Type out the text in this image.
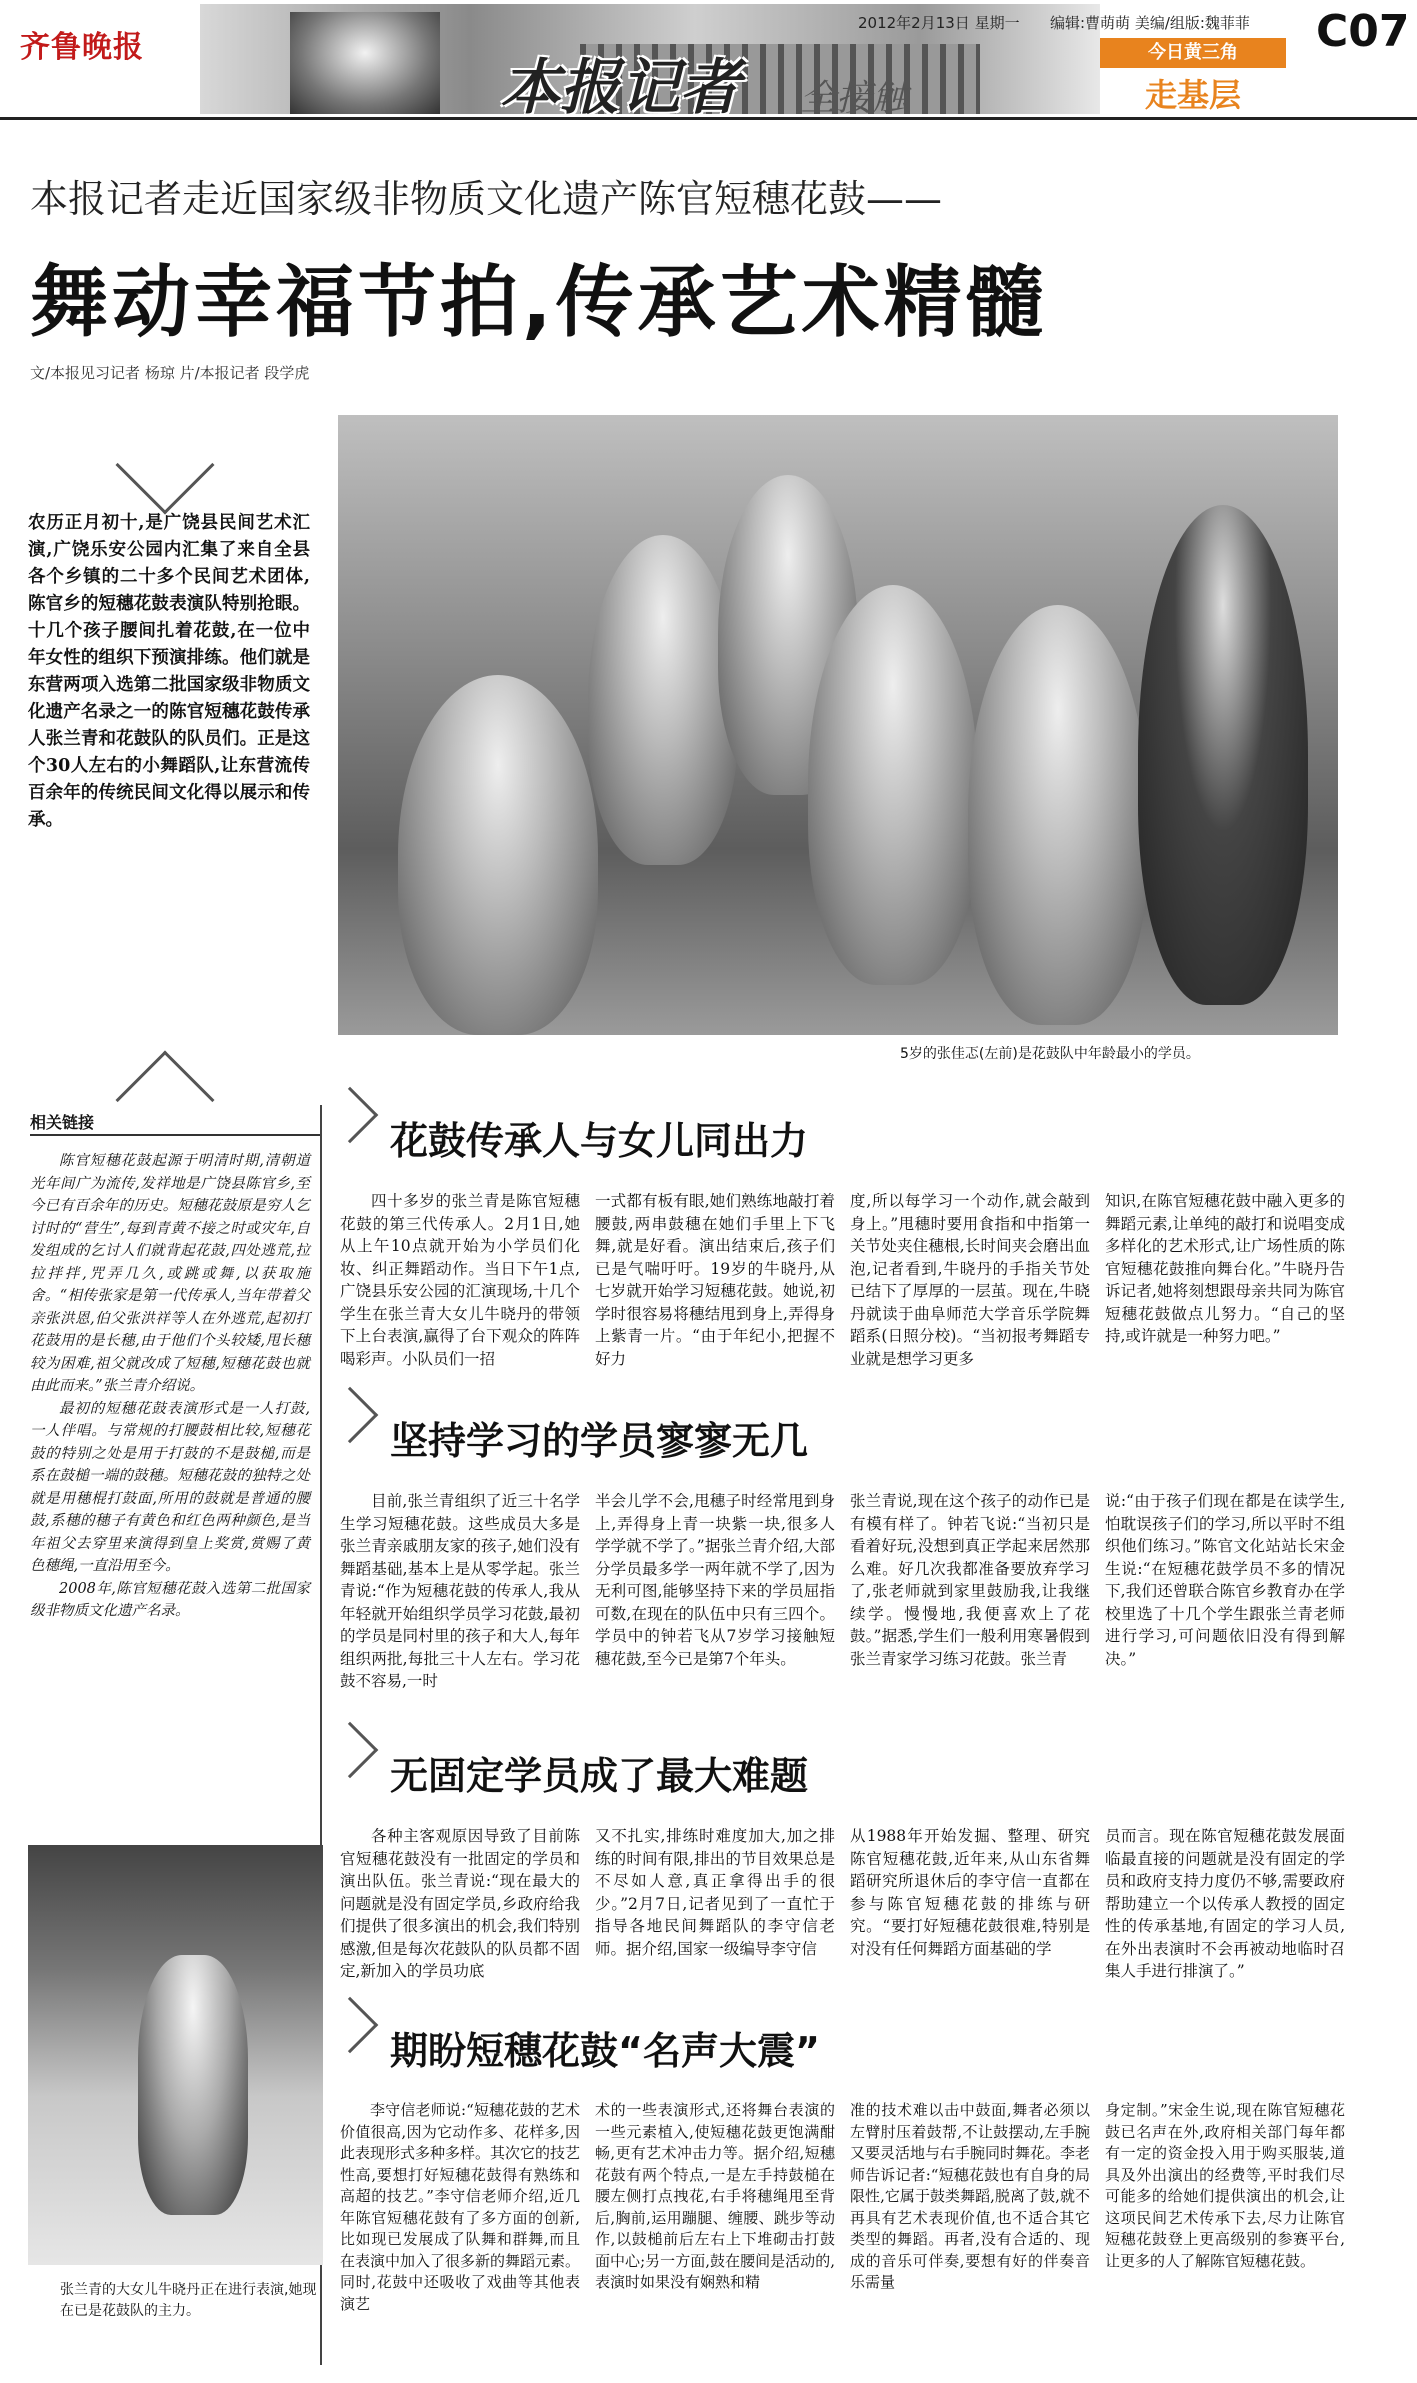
齐鲁晚报
本报记者 全接触
2012年2月13日 星期一 编辑:曹萌萌 美编/组版:魏菲菲 C07
今日黄三角
走基层
本报记者走近国家级非物质文化遗产陈官短穗花鼓——
舞动幸福节拍,传承艺术精髓
文/本报见习记者 杨琼 片/本报记者 段学虎
5岁的张佳忑(左前)是花鼓队中年龄最小的学员。
农历正月初十,是广饶县民间艺术汇演,广饶乐安公园内汇集了来自全县各个乡镇的二十多个民间艺术团体,陈官乡的短穗花鼓表演队特别抢眼。十几个孩子腰间扎着花鼓,在一位中年女性的组织下预演排练。他们就是东营两项入选第二批国家级非物质文化遗产名录之一的陈官短穗花鼓传承人张兰青和花鼓队的队员们。正是这个30人左右的小舞蹈队,让东营流传百余年的传统民间文化得以展示和传承。
相关链接

陈官短穗花鼓起源于明清时期,清朝道光年间广为流传,发祥地是广饶县陈官乡,至今已有百余年的历史。短穗花鼓原是穷人乞讨时的“营生”,每到青黄不接之时或灾年,自发组成的乞讨人们就背起花鼓,四处逃荒,拉拉拌拌,咒弄几久,或跳或舞,以获取施舍。“相传张家是第一代传承人,当年带着父亲张洪恩,伯父张洪祥等人在外逃荒,起初打花鼓用的是长穗,由于他们个头较矮,甩长穗较为困难,祖父就改成了短穗,短穗花鼓也就由此而来。”张兰青介绍说。

最初的短穗花鼓表演形式是一人打鼓,一人伴唱。与常规的打腰鼓相比较,短穗花鼓的特别之处是用于打鼓的不是鼓槌,而是系在鼓槌一端的鼓穗。短穗花鼓的独特之处就是用穗棍打鼓面,所用的鼓就是普通的腰鼓,系穗的穗子有黄色和红色两种颜色,是当年祖父去穿里来演得到皇上奖赏,赏赐了黄色穗绳,一直沿用至今。

2008年,陈官短穗花鼓入选第二批国家级非物质文化遗产名录。

张兰青的大女儿牛晓丹正在进行表演,她现在已是花鼓队的主力。
花鼓传承人与女儿同出力
四十多岁的张兰青是陈官短穗花鼓的第三代传承人。2月1日,她从上午10点就开始为小学员们化妆、纠正舞蹈动作。当日下午1点,广饶县乐安公园的汇演现场,十几个学生在张兰青大女儿牛晓丹的带领下上台表演,赢得了台下观众的阵阵喝彩声。小队员们一招
一式都有板有眼,她们熟练地敲打着腰鼓,两串鼓穗在她们手里上下飞舞,就是好看。演出结束后,孩子们已是气喘吁吁。19岁的牛晓丹,从七岁就开始学习短穗花鼓。她说,初学时很容易将穗结甩到身上,弄得身上紫青一片。“由于年纪小,把握不好力
度,所以每学习一个动作,就会敲到身上。”甩穗时要用食指和中指第一关节处夹住穗根,长时间夹会磨出血泡,记者看到,牛晓丹的手指关节处已结下了厚厚的一层茧。现在,牛晓丹就读于曲阜师范大学音乐学院舞蹈系(日照分校)。“当初报考舞蹈专业就是想学习更多
知识,在陈官短穗花鼓中融入更多的舞蹈元素,让单纯的敲打和说唱变成多样化的艺术形式,让广场性质的陈官短穗花鼓推向舞台化。”牛晓丹告诉记者,她将刻想跟母亲共同为陈官短穗花鼓做点儿努力。“自己的坚持,或许就是一种努力吧。”
坚持学习的学员寥寥无几
目前,张兰青组织了近三十名学生学习短穗花鼓。这些成员大多是张兰青亲戚朋友家的孩子,她们没有舞蹈基础,基本上是从零学起。张兰青说:“作为短穗花鼓的传承人,我从年轻就开始组织学员学习花鼓,最初的学员是同村里的孩子和大人,每年组织两批,每批三十人左右。学习花鼓不容易,一时
半会儿学不会,甩穗子时经常甩到身上,弄得身上青一块紫一块,很多人学学就不学了。”据张兰青介绍,大部分学员最多学一两年就不学了,因为无利可图,能够坚持下来的学员屈指可数,在现在的队伍中只有三四个。学员中的钟若飞从7岁学习接触短穗花鼓,至今已是第7个年头。
张兰青说,现在这个孩子的动作已是有模有样了。钟若飞说:“当初只是看着好玩,没想到真正学起来居然那么难。好几次我都准备要放弃学习了,张老师就到家里鼓励我,让我继续学。慢慢地,我便喜欢上了花鼓。”据悉,学生们一般利用寒暑假到张兰青家学习练习花鼓。张兰青
说:“由于孩子们现在都是在读学生,怕耽误孩子们的学习,所以平时不组织他们练习。”陈官文化站站长宋金生说:“在短穗花鼓学员不多的情况下,我们还曾联合陈官乡教育办在学校里选了十几个学生跟张兰青老师进行学习,可问题依旧没有得到解决。”
无固定学员成了最大难题
各种主客观原因导致了目前陈官短穗花鼓没有一批固定的学员和演出队伍。张兰青说:“现在最大的问题就是没有固定学员,乡政府给我们提供了很多演出的机会,我们特别感激,但是每次花鼓队的队员都不固定,新加入的学员功底
又不扎实,排练时难度加大,加之排练的时间有限,排出的节目效果总是不尽如人意,真正拿得出手的很少。”2月7日,记者见到了一直忙于指导各地民间舞蹈队的李守信老师。据介绍,国家一级编导李守信
从1988年开始发掘、整理、研究陈官短穗花鼓,近年来,从山东省舞蹈研究所退休后的李守信一直都在参与陈官短穗花鼓的排练与研究。“要打好短穗花鼓很难,特别是对没有任何舞蹈方面基础的学
员而言。现在陈官短穗花鼓发展面临最直接的问题就是没有固定的学员和政府支持力度仍不够,需要政府帮助建立一个以传承人教授的固定性的传承基地,有固定的学习人员,在外出表演时不会再被动地临时召集人手进行排演了。”
期盼短穗花鼓“名声大震”
李守信老师说:“短穗花鼓的艺术价值很高,因为它动作多、花样多,因此表现形式多种多样。其次它的技艺性高,要想打好短穗花鼓得有熟练和高超的技艺。”李守信老师介绍,近几年陈官短穗花鼓有了多方面的创新,比如现已发展成了队舞和群舞,而且在表演中加入了很多新的舞蹈元素。同时,花鼓中还吸收了戏曲等其他表演艺
术的一些表演形式,还将舞台表演的一些元素植入,使短穗花鼓更饱满酣畅,更有艺术冲击力等。据介绍,短穗花鼓有两个特点,一是左手持鼓槌在腰左侧打点拽花,右手将穗绳甩至背后,胸前,运用蹦腿、缠腰、跳步等动作,以鼓槌前后左右上下堆砌击打鼓面中心;另一方面,鼓在腰间是活动的,表演时如果没有娴熟和精
准的技术难以击中鼓面,舞者必须以左臂肘压着鼓帮,不让鼓摆动,左手腕又要灵活地与右手腕同时舞花。李老师告诉记者:“短穗花鼓也有自身的局限性,它属于鼓类舞蹈,脱离了鼓,就不再具有艺术表现价值,也不适合其它类型的舞蹈。再者,没有合适的、现成的音乐可伴奏,要想有好的伴奏音乐需量
身定制。”宋金生说,现在陈官短穗花鼓已名声在外,政府相关部门每年都有一定的资金投入用于购买服装,道具及外出演出的经费等,平时我们尽可能多的给她们提供演出的机会,让这项民间艺术传承下去,尽力让陈官短穗花鼓登上更高级别的参赛平台,让更多的人了解陈官短穗花鼓。
